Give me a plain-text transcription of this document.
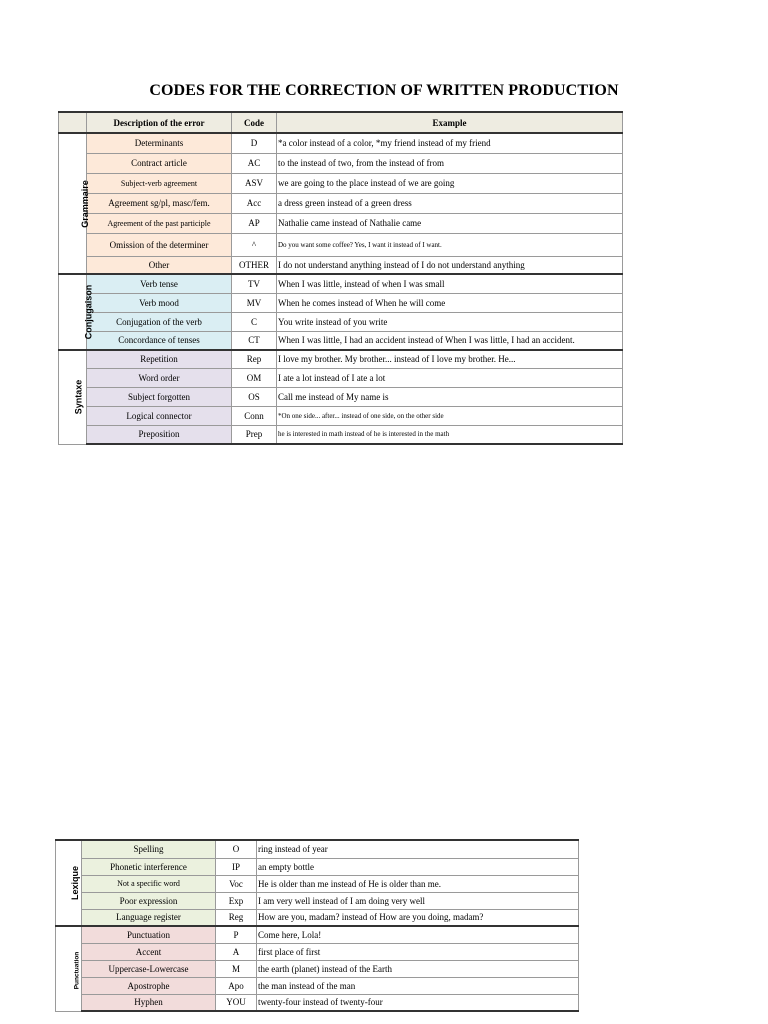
CODES FOR THE CORRECTION OF WRITTEN PRODUCTION
	Description of the error	Code	Example
Grammaire	Determinants	D	*a color instead of a color, *my friend instead of my friend
	Contract article	AC	to the instead of two, from the instead of from
	Subject-verb agreement	ASV	we are going to the place instead of we are going
	Agreement sg/pl, masc/fem.	Acc	a dress green instead of a green dress
	Agreement of the past participle	AP	Nathalie came instead of Nathalie came
	Omission of the determiner	^	Do you want some coffee? Yes, I want it instead of I want.
	Other	OTHER	I do not understand anything instead of I do not understand anything
Conjugaison	Verb tense	TV	When I was little, instead of when I was small
	Verb mood	MV	When he comes instead of When he will come
	Conjugation of the verb	C	You write instead of you write
	Concordance of tenses	CT	When I was little, I had an accident instead of When I was little, I had an accident.
Syntaxe	Repetition	Rep	I love my brother. My brother... instead of I love my brother. He...
	Word order	OM	I ate a lot instead of I ate a lot
	Subject forgotten	OS	Call me instead of My name is
	Logical connector	Conn	*On one side... after... instead of one side, on the other side
	Preposition	Prep	he is interested in math instead of he is interested in the math
Lexique	Spelling	O	ring instead of year
	Phonetic interference	IP	an empty bottle
	Not a specific word	Voc	He is older than me instead of He is older than me.
	Poor expression	Exp	I am very well instead of I am doing very well
	Language register	Reg	How are you, madam? instead of How are you doing, madam?
Punctuation	Punctuation	P	Come here, Lola!
	Accent	A	first place of first
	Uppercase-Lowercase	M	the earth (planet) instead of the Earth
	Apostrophe	Apo	the man instead of the man
	Hyphen	YOU	twenty-four instead of twenty-four
